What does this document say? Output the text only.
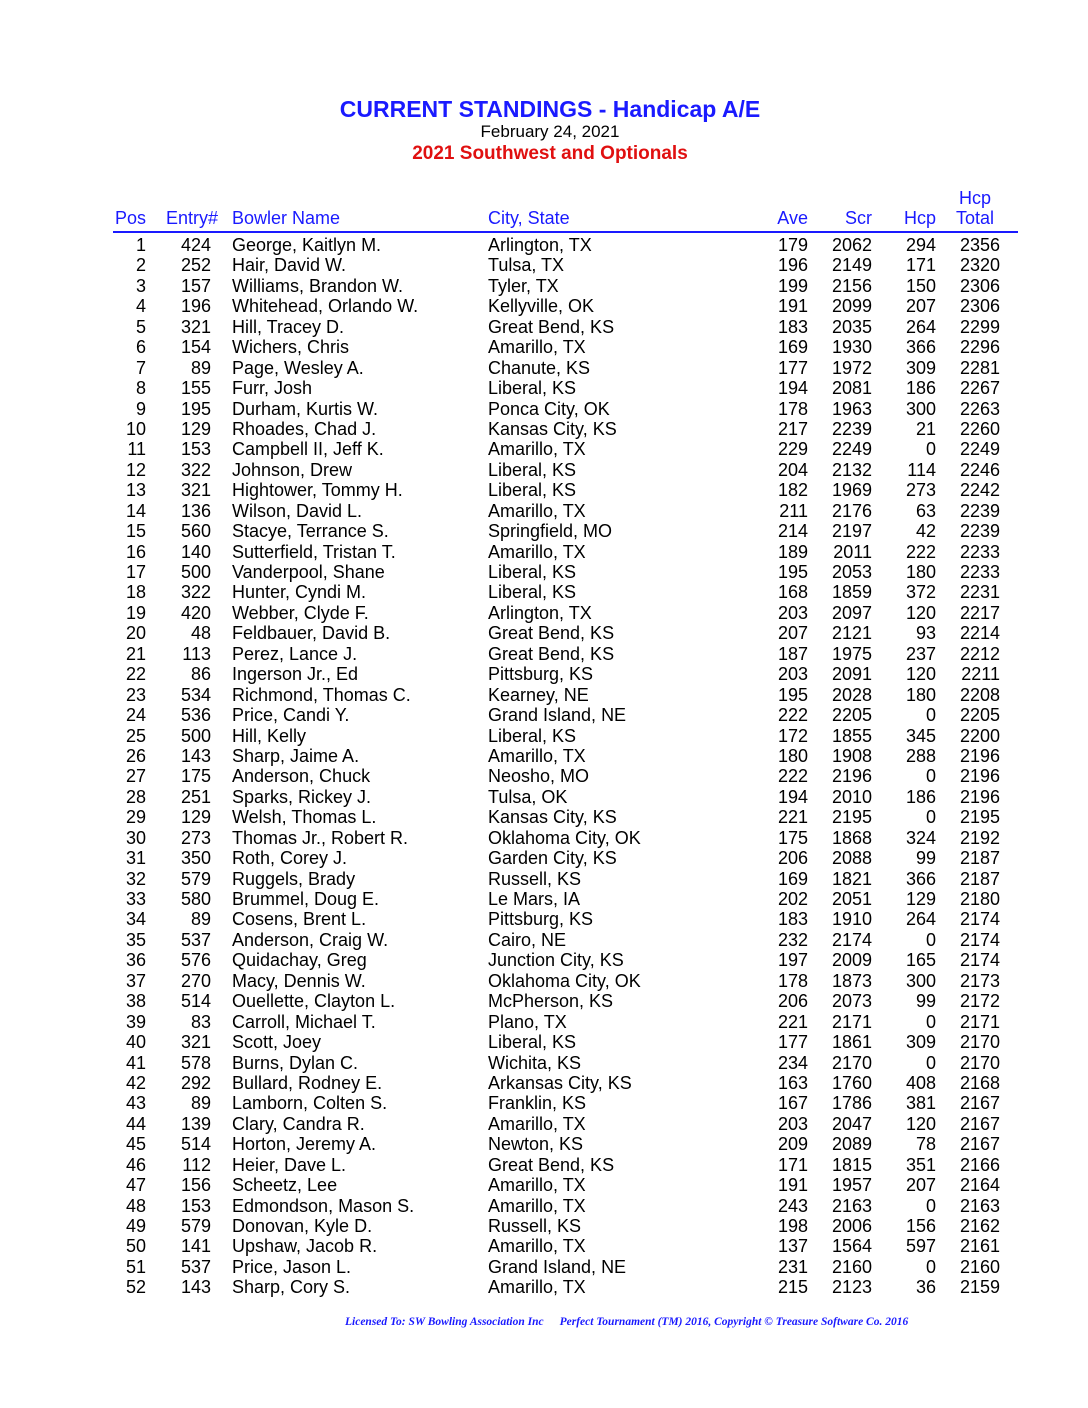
CURRENT STANDINGS - Handicap A/E
February 24, 2021
2021 Southwest and Optionals
Pos Entry# Bowler Name	City, State	Ave	Scr	Hcp
Hcp
Total
1	424 George, Kaitlyn M.	Arlington, TX	179	2062	294	2356
2	252 Hair, David W.	Tulsa, TX	196	2149	171	2320
3	157 Williams, Brandon W.	Tyler, TX	199	2156	150	2306
4	196 Whitehead, Orlando W.	Kellyville, OK	191	2099	207	2306
5	321 Hill, Tracey D.	Great Bend, KS	183	2035	264	2299
6	154 Wichers, Chris	Amarillo, TX	169	1930	366	2296
7	89 Page, Wesley A.	Chanute, KS	177	1972	309	2281
8	155 Furr, Josh	Liberal, KS	194	2081	186	2267
9	195 Durham, Kurtis W.	Ponca City, OK	178	1963	300	2263
10	129 Rhoades, Chad J.	Kansas City, KS	217	2239	21	2260
11	153 Campbell II, Jeff K.	Amarillo, TX	229	2249	0	2249
12	322 Johnson, Drew	Liberal, KS	204	2132	114	2246
13	321 Hightower, Tommy H.	Liberal, KS	182	1969	273	2242
14	136 Wilson, David L.	Amarillo, TX	211	2176	63	2239
15	560 Stacye, Terrance S.	Springfield, MO	214	2197	42	2239
16	140 Sutterfield, Tristan T.	Amarillo, TX	189	2011	222	2233
17	500 Vanderpool, Shane	Liberal, KS	195	2053	180	2233
18	322 Hunter, Cyndi M.	Liberal, KS	168	1859	372	2231
19	420 Webber, Clyde F.	Arlington, TX	203	2097	120	2217
20	48 Feldbauer, David B.	Great Bend, KS	207	2121	93	2214
21	113 Perez, Lance J.	Great Bend, KS	187	1975	237	2212
22	86 Ingerson Jr., Ed	Pittsburg, KS	203	2091	120	2211
23	534 Richmond, Thomas C.	Kearney, NE	195	2028	180	2208
24	536 Price, Candi Y.	Grand Island, NE	222	2205	0	2205
25	500 Hill, Kelly	Liberal, KS	172	1855	345	2200
26	143 Sharp, Jaime A.	Amarillo, TX	180	1908	288	2196
27	175 Anderson, Chuck	Neosho, MO	222	2196	0	2196
28	251 Sparks, Rickey J.	Tulsa, OK	194	2010	186	2196
29	129 Welsh, Thomas L.	Kansas City, KS	221	2195	0	2195
30	273 Thomas Jr., Robert R.	Oklahoma City, OK	175	1868	324	2192
31	350 Roth, Corey J.	Garden City, KS	206	2088	99	2187
32	579 Ruggels, Brady	Russell, KS	169	1821	366	2187
33	580 Brummel, Doug E.	Le Mars, IA	202	2051	129	2180
34	89 Cosens, Brent L.	Pittsburg, KS	183	1910	264	2174
35	537 Anderson, Craig W.	Cairo, NE	232	2174	0	2174
36	576 Quidachay, Greg	Junction City, KS	197	2009	165	2174
37	270 Macy, Dennis W.	Oklahoma City, OK	178	1873	300	2173
38	514 Ouellette, Clayton L.	McPherson, KS	206	2073	99	2172
39	83 Carroll, Michael T.	Plano, TX	221	2171	0	2171
40	321 Scott, Joey	Liberal, KS	177	1861	309	2170
41	578 Burns, Dylan C.	Wichita, KS	234	2170	0	2170
42	292 Bullard, Rodney E.	Arkansas City, KS	163	1760	408	2168
43	89 Lamborn, Colten S.	Franklin, KS	167	1786	381	2167
44	139 Clary, Candra R.	Amarillo, TX	203	2047	120	2167
45	514 Horton, Jeremy A.	Newton, KS	209	2089	78	2167
46	112 Heier, Dave L.	Great Bend, KS	171	1815	351	2166
47	156 Scheetz, Lee	Amarillo, TX	191	1957	207	2164
48	153 Edmondson, Mason S.	Amarillo, TX	243	2163	0	2163
49	579 Donovan, Kyle D.	Russell, KS	198	2006	156	2162
50	141 Upshaw, Jacob R.	Amarillo, TX	137	1564	597	2161
51	537 Price, Jason L.	Grand Island, NE	231	2160	0	2160
52	143 Sharp, Cory S.	Amarillo, TX	215	2123	36	2159
Licensed To: SW Bowling Association Inc Perfect Tournament (TM) 2016, Copyright © Treasure Software Co. 2016
